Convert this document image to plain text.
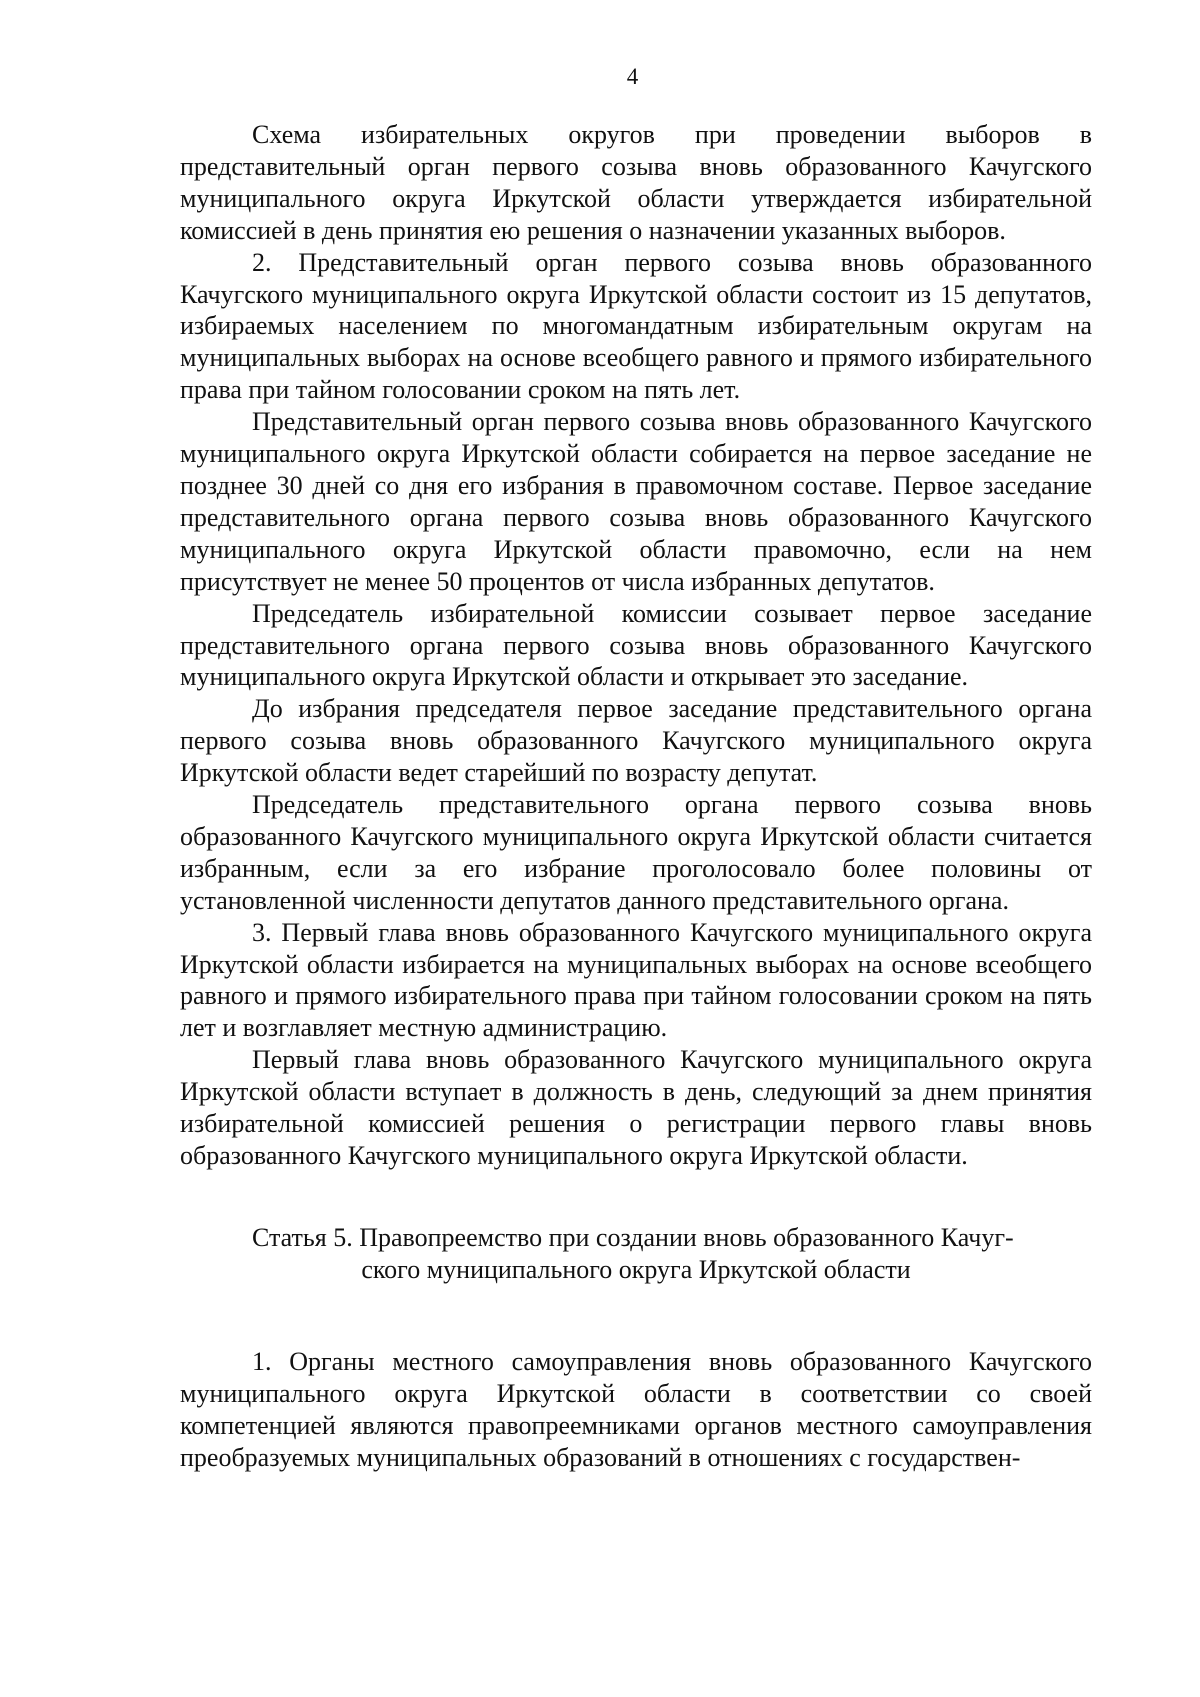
4

Схема избирательных округов при проведении выборов в представительный орган первого созыва вновь образованного Качугского муниципального округа Иркутской области утверждается избирательной комиссией в день принятия ею решения о назначении указанных выборов.

2. Представительный орган первого созыва вновь образованного Качугского муниципального округа Иркутской области состоит из 15 депутатов, избираемых населением по многомандатным избирательным округам на муниципальных выборах на основе всеобщего равного и прямого избирательного права при тайном голосовании сроком на пять лет.

Представительный орган первого созыва вновь образованного Качугского муниципального округа Иркутской области собирается на первое заседание не позднее 30 дней со дня его избрания в правомочном составе. Первое заседание представительного органа первого созыва вновь образованного Качугского муниципального округа Иркутской области правомочно, если на нем присутствует не менее 50 процентов от числа избранных депутатов.

Председатель избирательной комиссии созывает первое заседание представительного органа первого созыва вновь образованного Качугского муниципального округа Иркутской области и открывает это заседание.

До избрания председателя первое заседание представительного органа первого созыва вновь образованного Качугского муниципального округа Иркутской области ведет старейший по возрасту депутат.

Председатель представительного органа первого созыва вновь образованного Качугского муниципального округа Иркутской области считается избранным, если за его избрание проголосовало более половины от установленной численности депутатов данного представительного органа.

3. Первый глава вновь образованного Качугского муниципального округа Иркутской области избирается на муниципальных выборах на основе всеобщего равного и прямого избирательного права при тайном голосовании сроком на пять лет и возглавляет местную администрацию.

Первый глава вновь образованного Качугского муниципального округа Иркутской области вступает в должность в день, следующий за днем принятия избирательной комиссией решения о регистрации первого главы вновь образованного Качугского муниципального округа Иркутской области.

Статья 5. Правопреемство при создании вновь образованного Качуг-
ского муниципального округа Иркутской области

1. Органы местного самоуправления вновь образованного Качугского муниципального округа Иркутской области в соответствии со своей компетенцией являются правопреемниками органов местного самоуправления преобразуемых муниципальных образований в отношениях с государствен-
